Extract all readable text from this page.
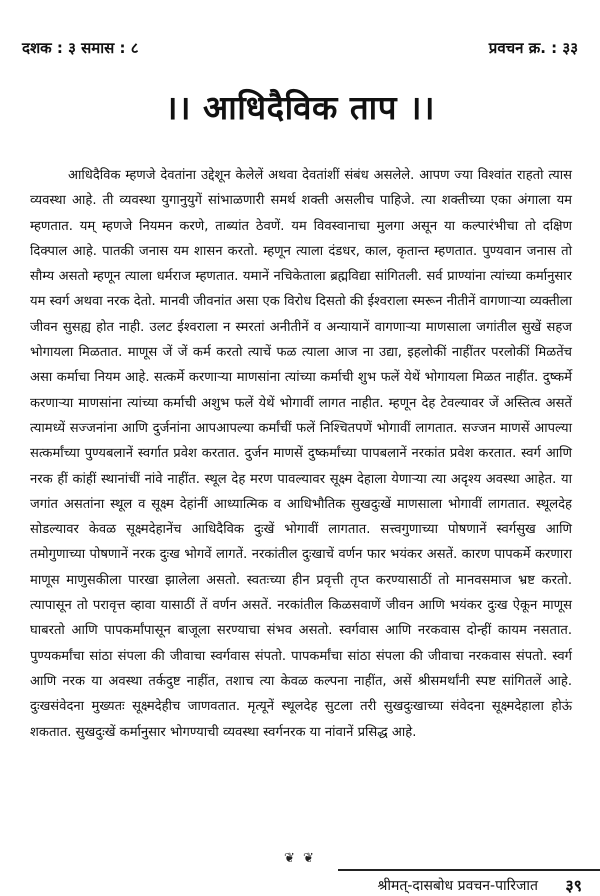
दशक : ३ समास : ८	प्रवचन क्र. : ३३
।। आधिदैविक ताप ।।

आधिदैविक म्हणजे देवतांना उद्देशून केलेलें अथवा देवतांशीं संबंध असलेले. आपण ज्या विश्वांत राहतो त्यास व्यवस्था आहे. ती व्यवस्था युगानुयुगें सांभाळणारी समर्थ शक्ती असलीच पाहिजे. त्या शक्तीच्या एका अंगाला यम म्हणतात. यम् म्हणजे नियमन करणे, ताब्यांत ठेवणें. यम विवस्वानाचा मुलगा असून या कल्पारंभीचा तो दक्षिण दिक्पाल आहे. पातकी जनास यम शासन करतो. म्हणून त्याला दंडधर, काल, कृतान्त म्हणतात. पुण्यवान जनास तो सौम्य असतो म्हणून त्याला धर्मराज म्हणतात. यमानें नचिकेताला ब्रह्मविद्या सांगितली. सर्व प्राण्यांना त्यांच्या कर्मानुसार यम स्वर्ग अथवा नरक देतो. मानवी जीवनांत असा एक विरोध दिसतो की ईश्वराला स्मरून नीतीनें वागणाऱ्या व्यक्तीला जीवन सुसह्य होत नाही. उलट ईश्वराला न स्मरतां अनीतीनें व अन्यायानें वागणाऱ्या माणसाला जगांतील सुखें सहज भोगायला मिळतात. माणूस जें जें कर्म करतो त्याचें फळ त्याला आज ना उद्या, इहलोकीं नाहींतर परलोकीं मिळतेंच असा कर्माचा नियम आहे. सत्कर्मे करणाऱ्या माणसांना त्यांच्या कर्माची शुभ फलें येथें भोगायला मिळत नाहींत. दुष्कर्मे करणाऱ्या माणसांना त्यांच्या कर्माची अशुभ फलें येथें भोगावीं लागत नाहीत. म्हणून देह टेवल्यावर जें अस्तित्व असतें त्यामध्यें सज्जनांना आणि दुर्जनांना आपआपल्या कर्मांचीं फलें निश्चितपणें भोगावीं लागतात. सज्जन माणसें आपल्या सत्कर्मांच्या पुण्यबलानें स्वर्गात प्रवेश करतात. दुर्जन माणसें दुष्कर्मांच्या पापबलानें नरकांत प्रवेश करतात. स्वर्ग आणि नरक हीं कांहीं स्थानांचीं नांवे नाहींत. स्थूल देह मरण पावल्यावर सूक्ष्म देहाला येणाऱ्या त्या अदृश्य अवस्था आहेत. या जगांत असतांना स्थूल व सूक्ष्म देहांनीं आध्यात्मिक व आधिभौतिक सुखदुःखें माणसाला भोगावीं लागतात. स्थूलदेह सोडल्यावर केवळ सूक्ष्मदेहानेंच आधिदैविक दुःखें भोगावीं लागतात. सत्त्वगुणाच्या पोषणानें स्वर्गसुख आणि तमोगुणाच्या पोषणानें नरक दुःख भोगवें लागतें. नरकांतील दुःखाचें वर्णन फार भयंकर असतें. कारण पापकर्मे करणारा माणूस माणुसकीला पारखा झालेला असतो. स्वतःच्या हीन प्रवृत्ती तृप्त करण्यासाठीं तो मानवसमाज भ्रष्ट करतो. त्यापासून तो परावृत्त व्हावा यासाठीं तें वर्णन असतें. नरकांतील किळसवाणें जीवन आणि भयंकर दुःख ऐकून माणूस घाबरतो आणि पापकर्मांपासून बाजूला सरण्याचा संभव असतो. स्वर्गवास आणि नरकवास दोन्हीं कायम नसतात. पुण्यकर्मांचा सांठा संपला की जीवाचा स्वर्गवास संपतो. पापकर्मांचा सांठा संपला की जीवाचा नरकवास संपतो. स्वर्ग आणि नरक या अवस्था तर्कदुष्ट नाहींत, तशाच त्या केवळ कल्पना नाहींत, असें श्रीसमर्थांनी स्पष्ट सांगितलें आहे. दुःखसंवेदना मुख्यतः सूक्ष्मदेहीच जाणवतात. मृत्यूनें स्थूलदेह सुटला तरी सुखदुःखाच्या संवेदना सूक्ष्मदेहाला होऊं शकतात. सुखदुःखें कर्मानुसार भोगण्याची व्यवस्था स्वर्गनरक या नांवानें प्रसिद्ध आहे.

❦ ❦
श्रीमत्-दासबोध प्रवचन-पारिजात ३९
